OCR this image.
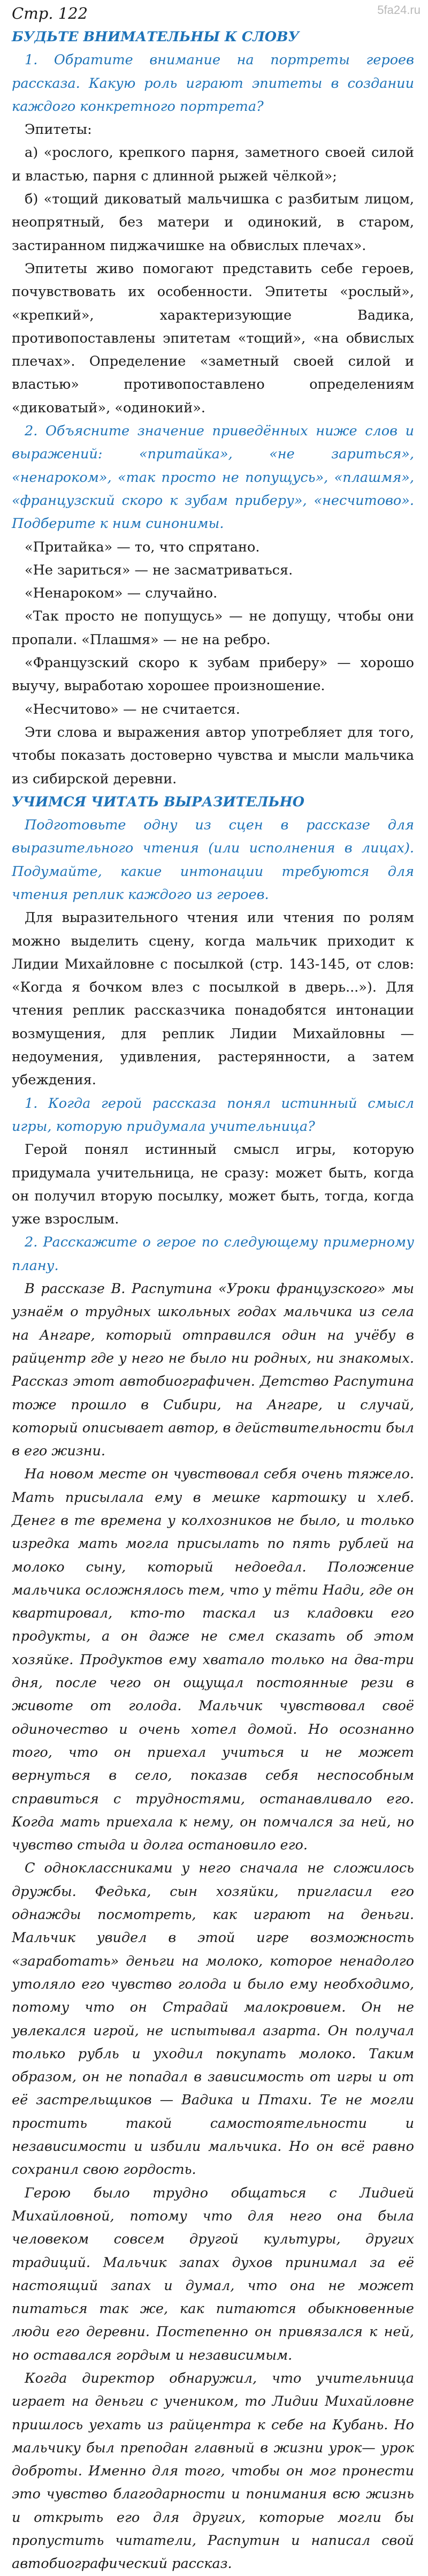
5fa24.ru
Стр. 122

БУДЬТЕ ВНИМАТЕЛЬНЫ К СЛОВУ

1. Обратите внимание на портреты героев рассказа. Какую роль играют эпитеты в создании каждого конкретного портрета?

Эпитеты:

а) «рослого, крепкого парня, заметного своей силой и властью, парня с длинной рыжей чёлкой»;

б) «тощий диковатый мальчишка с разбитым лицом, неопрятный, без матери и одинокий, в старом, застиранном пиджачишке на обвислых плечах».

Эпитеты живо помогают представить себе героев, почувствовать их особенности. Эпитеты «рослый», «крепкий», характеризующие Вадика, противопоставлены эпитетам «тощий», «на обвислых плечах». Определение «заметный своей силой и властью» противопоставлено определениям «диковатый», «одинокий».

2. Объясните значение приведённых ниже слов и выражений: «притайка», «не зариться», «ненароком», «так просто не попущусь», «плашмя», «французский скоро к зубам приберу», «несчитово». Подберите к ним синонимы.

«Притайка» — то, что спрятано.

«Не зариться» — не засматриваться.

«Ненароком» — случайно.

«Так просто не попущусь» — не допущу, чтобы они пропали. «Плашмя» — не на ребро.

«Французский скоро к зубам приберу» — хорошо выучу, выработаю хорошее произношение.

«Несчитово» — не считается.

Эти слова и выражения автор употребляет для того, чтобы показать достоверно чувства и мысли мальчика из сибирской деревни.

УЧИМСЯ ЧИТАТЬ ВЫРАЗИТЕЛЬНО

Подготовьте одну из сцен в рассказе для выразительного чтения (или исполнения в лицах). Подумайте, какие интонации требуются для чтения реплик каждого из героев.

Для выразительного чтения или чтения по ролям можно выделить сцену, когда мальчик приходит к Лидии Михайловне с посылкой (стр. 143-145, от слов: «Когда я бочком влез с посылкой в дверь...»). Для чтения реплик рассказчика понадобятся интонации возмущения, для реплик Лидии Михайловны — недоумения, удивления, растерянности, а затем убеждения.

1. Когда герой рассказа понял истинный смысл игры, которую придумала учительница?

Герой понял истинный смысл игры, которую придумала учительница, не сразу: может быть, когда он получил вторую посылку, может быть, тогда, когда уже взрослым.

2. Расскажите о герое по следующему примерному плану.

В рассказе В. Распутина «Уроки французского» мы узнаём о трудных школьных годах мальчика из села на Ангаре, который отправился один на учёбу в райцентр где у него не было ни родных, ни знакомых. Рассказ этот автобиографичен. Детство Распутина тоже прошло в Сибири, на Ангаре, и случай, который описывает автор, в действительности был в его жизни.

На новом месте он чувствовал себя очень тяжело. Мать присылала ему в мешке картошку и хлеб. Денег в те времена у колхозников не было, и только изредка мать могла присылать по пять рублей на молоко сыну, который недоедал. Положение мальчика осложнялось тем, что у тёти Нади, где он квартировал, кто-то таскал из кладовки его продукты, а он даже не смел сказать об этом хозяйке. Продуктов ему хватало только на два-три дня, после чего он ощущал постоянные рези в животе от голода. Мальчик чувствовал своё одиночество и очень хотел домой. Но осознанно того, что он приехал учиться и не может вернуться в село, показав себя неспособным справиться с трудностями, останавливало его. Когда мать приехала к нему, он помчался за ней, но чувство стыда и долга остановило его.

С одноклассниками у него сначала не сложилось дружбы. Федька, сын хозяйки, пригласил его однажды посмотреть, как играют на деньги. Мальчик увидел в этой игре возможность «заработать» деньги на молоко, которое ненадолго утоляло его чувство голода и было ему необходимо, потому что он Страдай малокровием. Он не увлекался игрой, не испытывал азарта. Он получал только рубль и уходил покупать молоко. Таким образом, он не попадал в зависимость от игры и от её застрельщиков — Вадика и Птахи. Те не могли простить такой самостоятельности и независимости и избили мальчика. Но он всё равно сохранил свою гордость.

Герою было трудно общаться с Лидией Михайловной, потому что для него она была человеком совсем другой культуры, других традиций. Мальчик запах духов принимал за её настоящий запах и думал, что она не может питаться так же, как питаются обыкновенные люди его деревни. Постепенно он привязался к ней, но оставался гордым и независимым.

Когда директор обнаружил, что учительница играет на деньги с учеником, то Лидии Михайловне пришлось уехать из райцентра к себе на Кубань. Но мальчику был преподан главный в жизни урок— урок доброты. Именно для того, чтобы он мог пронести это чувство благодарности и понимания всю жизнь и открыть его для других, которые могли бы пропустить читатели, Распутин и написал свой автобиографический рассказ.
